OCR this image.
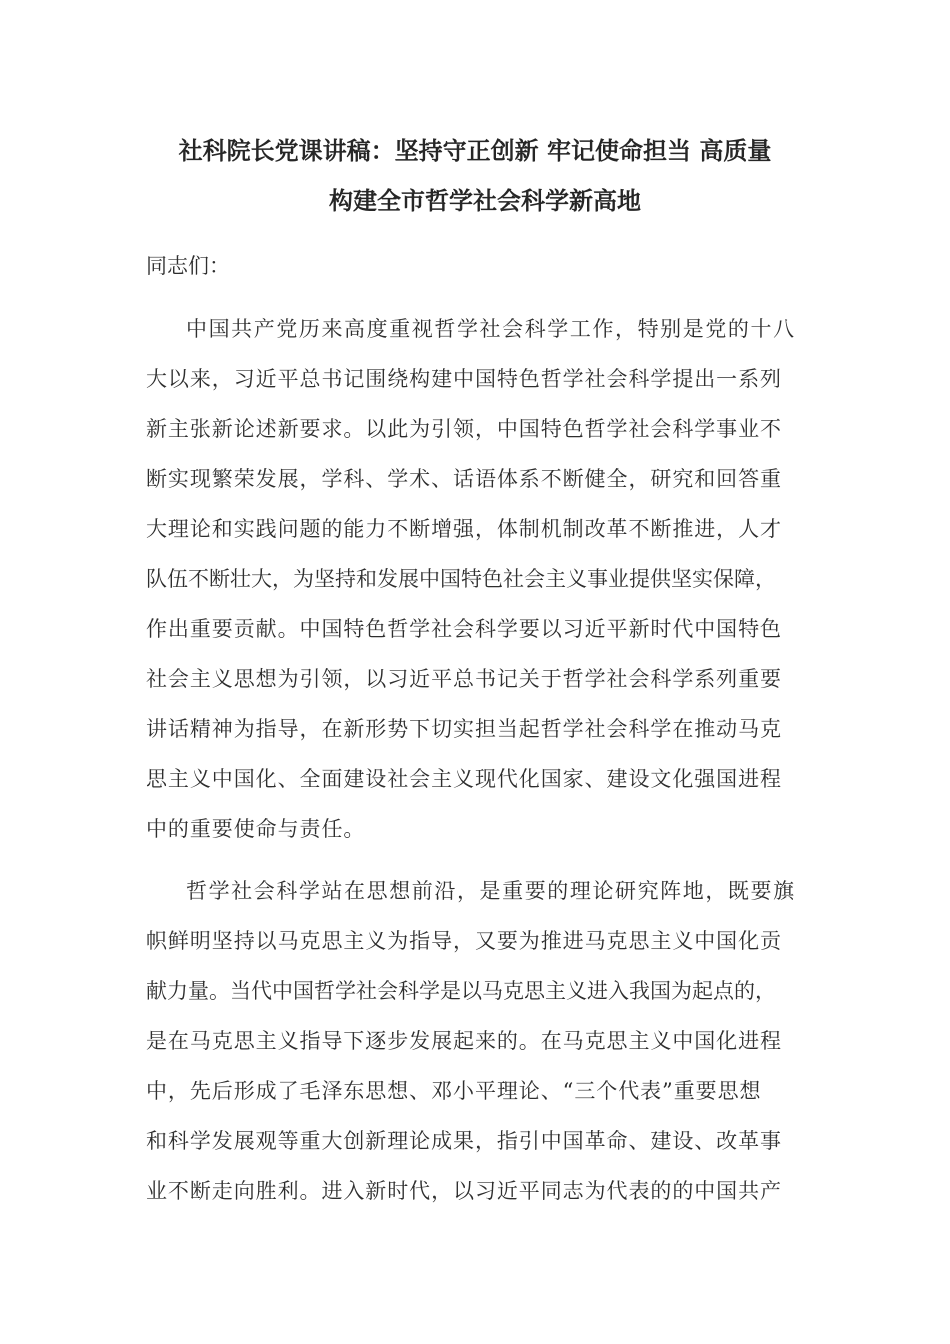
社科院长党课讲稿：坚持守正创新 牢记使命担当 高质量
构建全市哲学社会科学新高地
同志们：
中国共产党历来高度重视哲学社会科学工作，特别是党的十八
大以来，习近平总书记围绕构建中国特色哲学社会科学提出一系列
新主张新论述新要求。以此为引领，中国特色哲学社会科学事业不
断实现繁荣发展，学科、学术、话语体系不断健全，研究和回答重
大理论和实践问题的能力不断增强，体制机制改革不断推进，人才
队伍不断壮大，为坚持和发展中国特色社会主义事业提供坚实保障，
作出重要贡献。中国特色哲学社会科学要以习近平新时代中国特色
社会主义思想为引领，以习近平总书记关于哲学社会科学系列重要
讲话精神为指导，在新形势下切实担当起哲学社会科学在推动马克
思主义中国化、全面建设社会主义现代化国家、建设文化强国进程
中的重要使命与责任。
哲学社会科学站在思想前沿，是重要的理论研究阵地，既要旗
帜鲜明坚持以马克思主义为指导，又要为推进马克思主义中国化贡
献力量。当代中国哲学社会科学是以马克思主义进入我国为起点的，
是在马克思主义指导下逐步发展起来的。在马克思主义中国化进程
中，先后形成了毛泽东思想、邓小平理论、“三个代表”重要思想
和科学发展观等重大创新理论成果，指引中国革命、建设、改革事
业不断走向胜利。进入新时代，以习近平同志为代表的的中国共产
